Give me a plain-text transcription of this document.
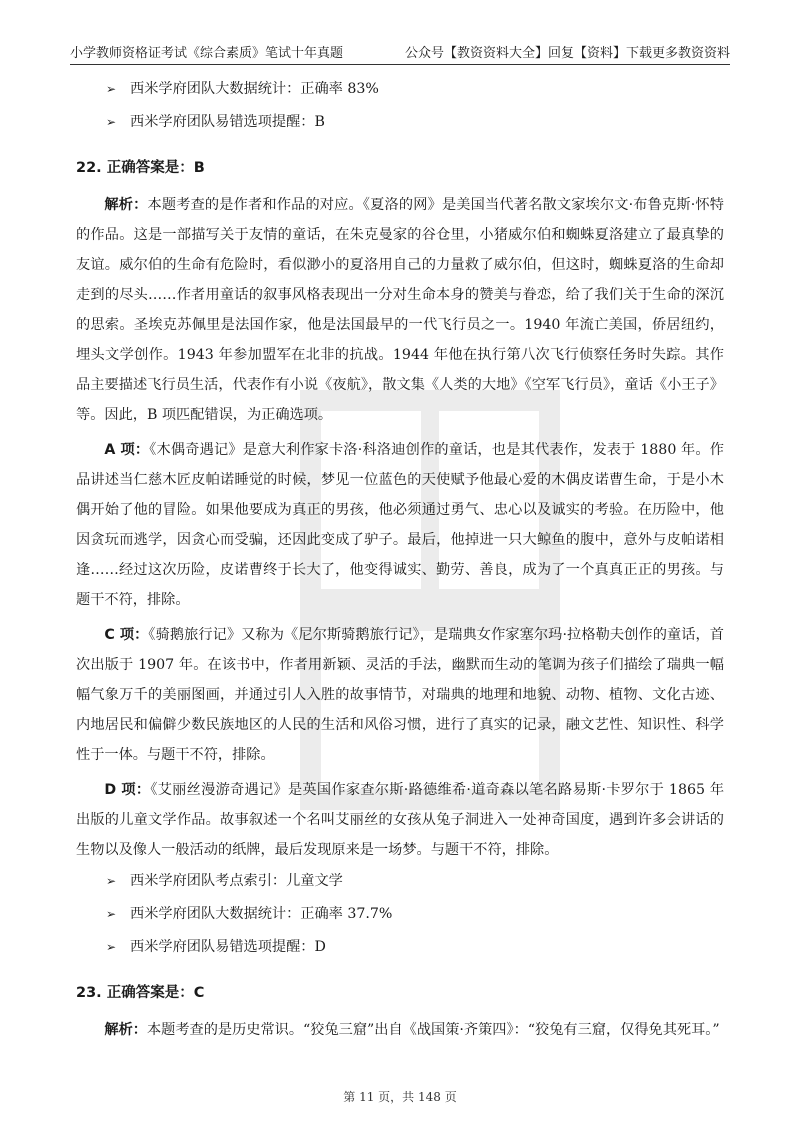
小学教师资格证考试《综合素质》笔试十年真题	公众号【教资资料大全】回复【资料】下载更多教资资料
➢ 西米学府团队大数据统计：正确率 83%
➢ 西米学府团队易错选项提醒：B
22. 正确答案是：B

解析：本题考查的是作者和作品的对应。《夏洛的网》是美国当代著名散文家埃尔文·布鲁克斯·怀特的作品。这是一部描写关于友情的童话，在朱克曼家的谷仓里，小猪威尔伯和蜘蛛夏洛建立了最真挚的友谊。威尔伯的生命有危险时，看似渺小的夏洛用自己的力量救了威尔伯，但这时，蜘蛛夏洛的生命却走到的尽头……作者用童话的叙事风格表现出一分对生命本身的赞美与眷恋，给了我们关于生命的深沉的思索。圣埃克苏佩里是法国作家，他是法国最早的一代飞行员之一。1940 年流亡美国，侨居纽约，埋头文学创作。1943 年参加盟军在北非的抗战。1944 年他在执行第八次飞行侦察任务时失踪。其作品主要描述飞行员生活，代表作有小说《夜航》，散文集《人类的大地》《空军飞行员》，童话《小王子》等。因此，B 项匹配错误，为正确选项。

A 项：《木偶奇遇记》是意大利作家卡洛·科洛迪创作的童话，也是其代表作，发表于 1880 年。作品讲述当仁慈木匠皮帕诺睡觉的时候，梦见一位蓝色的天使赋予他最心爱的木偶皮诺曹生命，于是小木偶开始了他的冒险。如果他要成为真正的男孩，他必须通过勇气、忠心以及诚实的考验。在历险中，他因贪玩而逃学，因贪心而受骗，还因此变成了驴子。最后，他掉进一只大鲸鱼的腹中，意外与皮帕诺相逢……经过这次历险，皮诺曹终于长大了，他变得诚实、勤劳、善良，成为了一个真真正正的男孩。与题干不符，排除。

C 项：《骑鹅旅行记》又称为《尼尔斯骑鹅旅行记》，是瑞典女作家塞尔玛·拉格勒夫创作的童话，首次出版于 1907 年。在该书中，作者用新颖、灵活的手法，幽默而生动的笔调为孩子们描绘了瑞典一幅幅气象万千的美丽图画，并通过引人入胜的故事情节，对瑞典的地理和地貌、动物、植物、文化古迹、内地居民和偏僻少数民族地区的人民的生活和风俗习惯，进行了真实的记录，融文艺性、知识性、科学性于一体。与题干不符，排除。

D 项：《艾丽丝漫游奇遇记》是英国作家查尔斯·路德维希·道奇森以笔名路易斯·卡罗尔于 1865 年出版的儿童文学作品。故事叙述一个名叫艾丽丝的女孩从兔子洞进入一处神奇国度，遇到许多会讲话的生物以及像人一般活动的纸牌，最后发现原来是一场梦。与题干不符，排除。

➢ 西米学府团队考点索引：儿童文学
➢ 西米学府团队大数据统计：正确率 37.7%
➢ 西米学府团队易错选项提醒：D
23. 正确答案是：C

解析：本题考查的是历史常识。“狡兔三窟”出自《战国策·齐策四》：“狡兔有三窟，仅得免其死耳。”

第 11 页，共 148 页
